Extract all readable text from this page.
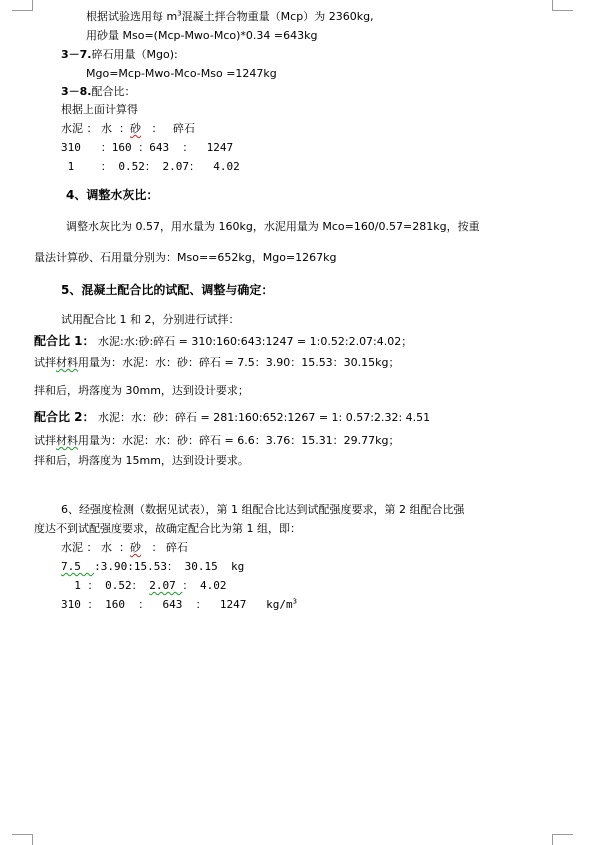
根据试验选用每 $m^3$混凝土拌合物重量（Mcp）为 2360kg,
用砂量 Mso=(Mcp-Mwo-Mco)*0.34 =643kg
3－7.碎石用量（Mgo):
Mgo=Mcp-Mwo-Mco-Mso =1247kg
3－8.配合比：
根据上面计算得
水泥 ： 水  ：砂   ：   碎石
310   ：160 ：643  ：  1247
1    ： 0.52： 2.07：  4.02
4、调整水灰比：
调整水灰比为 0.57，用水量为 160kg，水泥用量为 Mco=160/0.57=281kg，按重
量法计算砂、石用量分别为：Mso==652kg，Mgo=1267kg
5、混凝土配合比的试配、调整与确定：
试用配合比 1 和 2，分别进行试拌：
配合比 1： 水泥:水:砂:碎石 = 310:160:643:1247 = 1:0.52:2.07:4.02；
试拌材料用量为：水泥：水：砂：碎石 = 7.5：3.90：15.53：30.15kg；
拌和后，坍落度为 30mm，达到设计要求；
配合比 2： 水泥：水：砂：碎石 = 281:160:652:1267 = 1: 0.57:2.32: 4.51
试拌材料用量为：水泥：水：砂：碎石 = 6.6：3.76：15.31：29.77kg；
拌和后，坍落度为 15mm，达到设计要求。
6、经强度检测（数据见试表），第 1 组配合比达到试配强度要求，第 2 组配合比强
度达不到试配强度要求，故确定配合比为第 1 组，即：
水泥 ： 水  ：砂   ： 碎石
7.5  :3.90:15.53： 30.15  kg
1 ： 0.52： 2.07 ： 4.02
310 ： 160  ：  643  ：  1247   $kg/m^3$
